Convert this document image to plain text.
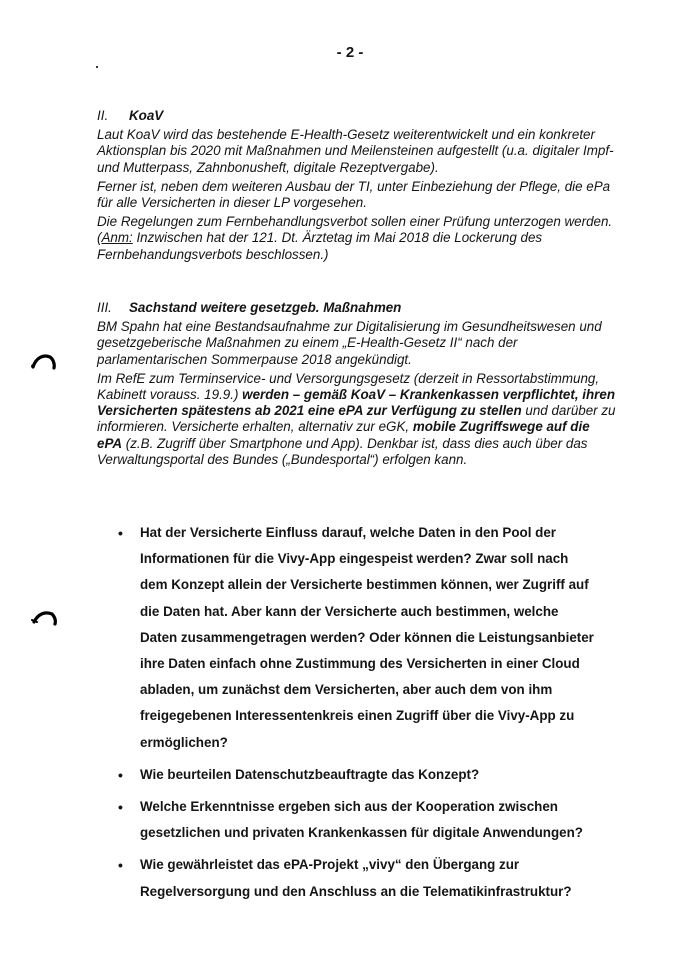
- 2 -

II. KoaV

Laut KoaV wird das bestehende E-Health-Gesetz weiterentwickelt und ein konkreter Aktionsplan bis 2020 mit Maßnahmen und Meilensteinen aufgestellt (u.a. digitaler Impf- und Mutterpass, Zahnbonusheft, digitale Rezeptvergabe).

Ferner ist, neben dem weiteren Ausbau der TI, unter Einbeziehung der Pflege, die ePa für alle Versicherten in dieser LP vorgesehen.

Die Regelungen zum Fernbehandlungsverbot sollen einer Prüfung unterzogen werden. (Anm: Inzwischen hat der 121. Dt. Ärztetag im Mai 2018 die Lockerung des Fernbehandungsverbots beschlossen.)

III. Sachstand weitere gesetzgeb. Maßnahmen

BM Spahn hat eine Bestandsaufnahme zur Digitalisierung im Gesundheitswesen und gesetzgeberische Maßnahmen zu einem „E-Health-Gesetz II“ nach der parlamentarischen Sommerpause 2018 angekündigt.

Im RefE zum Terminservice- und Versorgungsgesetz (derzeit in Ressortabstimmung, Kabinett vorauss. 19.9.) werden – gemäß KoaV – Krankenkassen verpflichtet, ihren Versicherten spätestens ab 2021 eine ePA zur Verfügung zu stellen und darüber zu informieren. Versicherte erhalten, alternativ zur eGK, mobile Zugriffswege auf die ePA (z.B. Zugriff über Smartphone und App). Denkbar ist, dass dies auch über das Verwaltungsportal des Bundes („Bundesportal“) erfolgen kann.

• Hat der Versicherte Einfluss darauf, welche Daten in den Pool der Informationen für die Vivy-App eingespeist werden? Zwar soll nach dem Konzept allein der Versicherte bestimmen können, wer Zugriff auf die Daten hat. Aber kann der Versicherte auch bestimmen, welche Daten zusammengetragen werden? Oder können die Leistungsanbieter ihre Daten einfach ohne Zustimmung des Versicherten in einer Cloud abladen, um zunächst dem Versicherten, aber auch dem von ihm freigegebenen Interessentenkreis einen Zugriff über die Vivy-App zu ermöglichen?
• Wie beurteilen Datenschutzbeauftragte das Konzept?
• Welche Erkenntnisse ergeben sich aus der Kooperation zwischen gesetzlichen und privaten Krankenkassen für digitale Anwendungen?
• Wie gewährleistet das ePA-Projekt „vivy“ den Übergang zur Regelversorgung und den Anschluss an die Telematikinfrastruktur?
